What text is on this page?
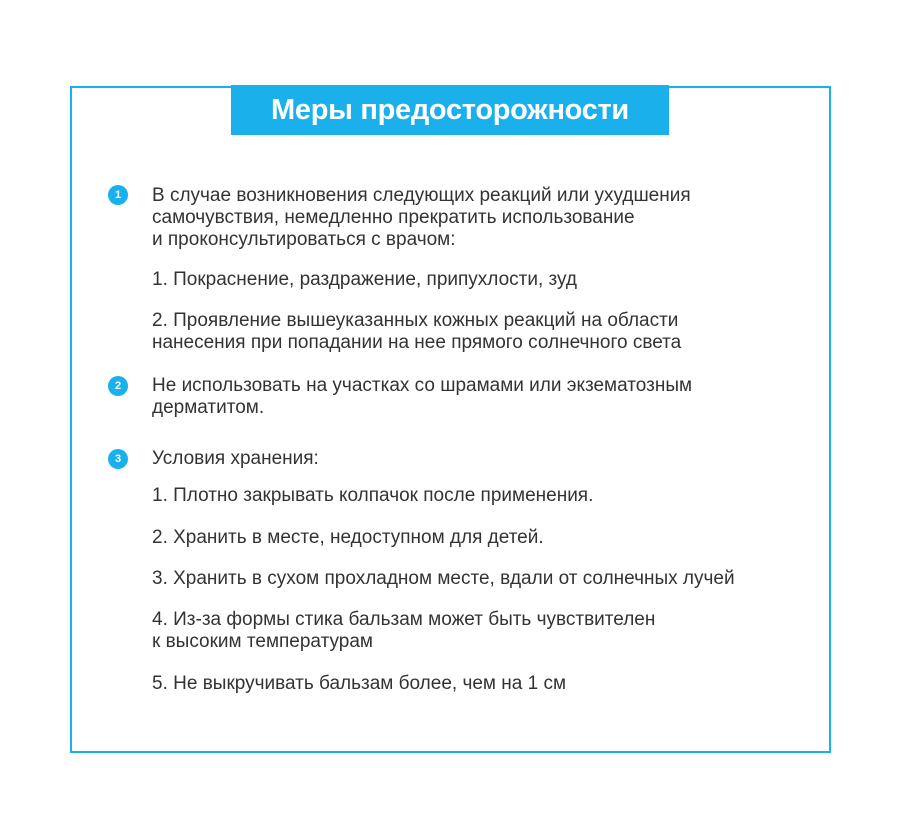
Меры предосторожности
1	В случае возникновения следующих реакций или ухудшения
самочувствия, немедленно прекратить использование
и проконсультироваться с врачом:
1. Покраснение, раздражение, припухлости, зуд
2. Проявление вышеуказанных кожных реакций на области
нанесения при попадании на нее прямого солнечного света
2	Не использовать на участках со шрамами или экзематозным
дерматитом.
3	Условия хранения:
1. Плотно закрывать колпачок после применения.
2. Хранить в месте, недоступном для детей.
3. Хранить в сухом прохладном месте, вдали от солнечных лучей
4. Из-за формы стика бальзам может быть чувствителен
к высоким температурам
5. Не выкручивать бальзам более, чем на 1 см
